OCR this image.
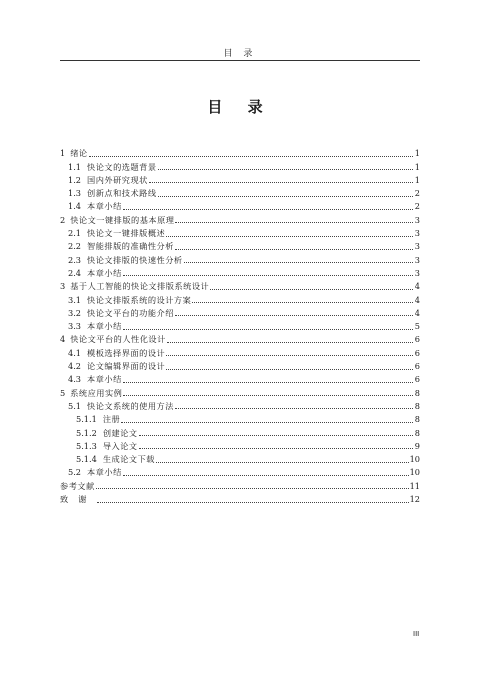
目 录
目 录
1 绪论	1
1.1 快论文的选题背景	1
1.2 国内外研究现状	1
1.3 创新点和技术路线	2
1.4 本章小结	2
2 快论文一键排版的基本原理	3
2.1 快论文一键排版概述	3
2.2 智能排版的准确性分析	3
2.3 快论文排版的快速性分析	3
2.4 本章小结	3
3 基于人工智能的快论文排版系统设计	4
3.1 快论文排版系统的设计方案	4
3.2 快论文平台的功能介绍	4
3.3 本章小结	5
4 快论文平台的人性化设计	6
4.1 模板选择界面的设计	6
4.2 论文编辑界面的设计	6
4.3 本章小结	6
5 系统应用实例	8
5.1 快论文系统的使用方法	8
5.1.1 注册	8
5.1.2 创建论文	8
5.1.3 导入论文	9
5.1.4 生成论文下载	10
5.2 本章小结	10
参考文献	11
致谢	12
III
